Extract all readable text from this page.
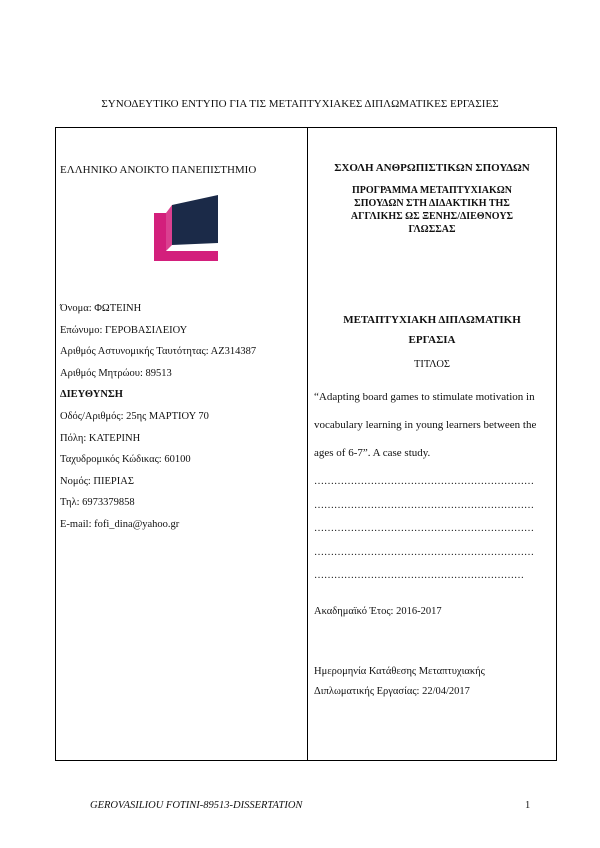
ΣΥΝΟΔΕΥΤΙΚΟ ΕΝΤΥΠΟ ΓΙΑ ΤΙΣ ΜΕΤΑΠΤΥΧΙΑΚΕΣ ΔΙΠΛΩΜΑΤΙΚΕΣ ΕΡΓΑΣΙΕΣ
ΕΛΛΗΝΙΚΟ ΑΝΟΙΚΤΟ ΠΑΝΕΠΙΣΤΗΜΙΟ
Όνομα: ΦΩΤΕΙΝΗ
Επώνυμο: ΓΕΡΟΒΑΣΙΛΕΙΟΥ
Αριθμός Αστυνομικής Ταυτότητας: ΑΖ314387
Αριθμός Μητρώου: 89513
ΔΙΕΥΘΥΝΣΗ
Οδός/Αριθμός: 25ης ΜΑΡΤΙΟΥ 70
Πόλη: ΚΑΤΕΡΙΝΗ
Ταχυδρομικός Κώδικας: 60100
Νομός: ΠΙΕΡΙΑΣ
Τηλ: 6973379858
E-mail: fofi_dina@yahoo.gr
ΣΧΟΛΗ ΑΝΘΡΩΠΙΣΤΙΚΩΝ ΣΠΟΥΔΩΝ
ΠΡΟΓΡΑΜΜΑ ΜΕΤΑΠΤΥΧΙΑΚΩΝ ΣΠΟΥΔΩΝ ΣΤΗ ΔΙΔΑΚΤΙΚΗ ΤΗΣ ΑΓΓΛΙΚΗΣ ΩΣ ΞΕΝΗΣ/ΔΙΕΘΝΟΥΣ ΓΛΩΣΣΑΣ
ΜΕΤΑΠΤΥΧΙΑΚΗ ΔΙΠΛΩΜΑΤΙΚΗ ΕΡΓΑΣΙΑ
ΤΙΤΛΟΣ
“Adapting board games to stimulate motivation in vocabulary learning in young learners between the ages of 6-7”. A case study.
…………………………………………………………
…………………………………………………………
…………………………………………………………
…………………………………………………………
………………………………………………………
Ακαδημαϊκό Έτος: 2016-2017
Ημερομηνία Κατάθεσης Μεταπτυχιακής
Διπλωματικής Εργασίας: 22/04/2017
GEROVASILIOU FOTINI-89513-DISSERTATION	1
